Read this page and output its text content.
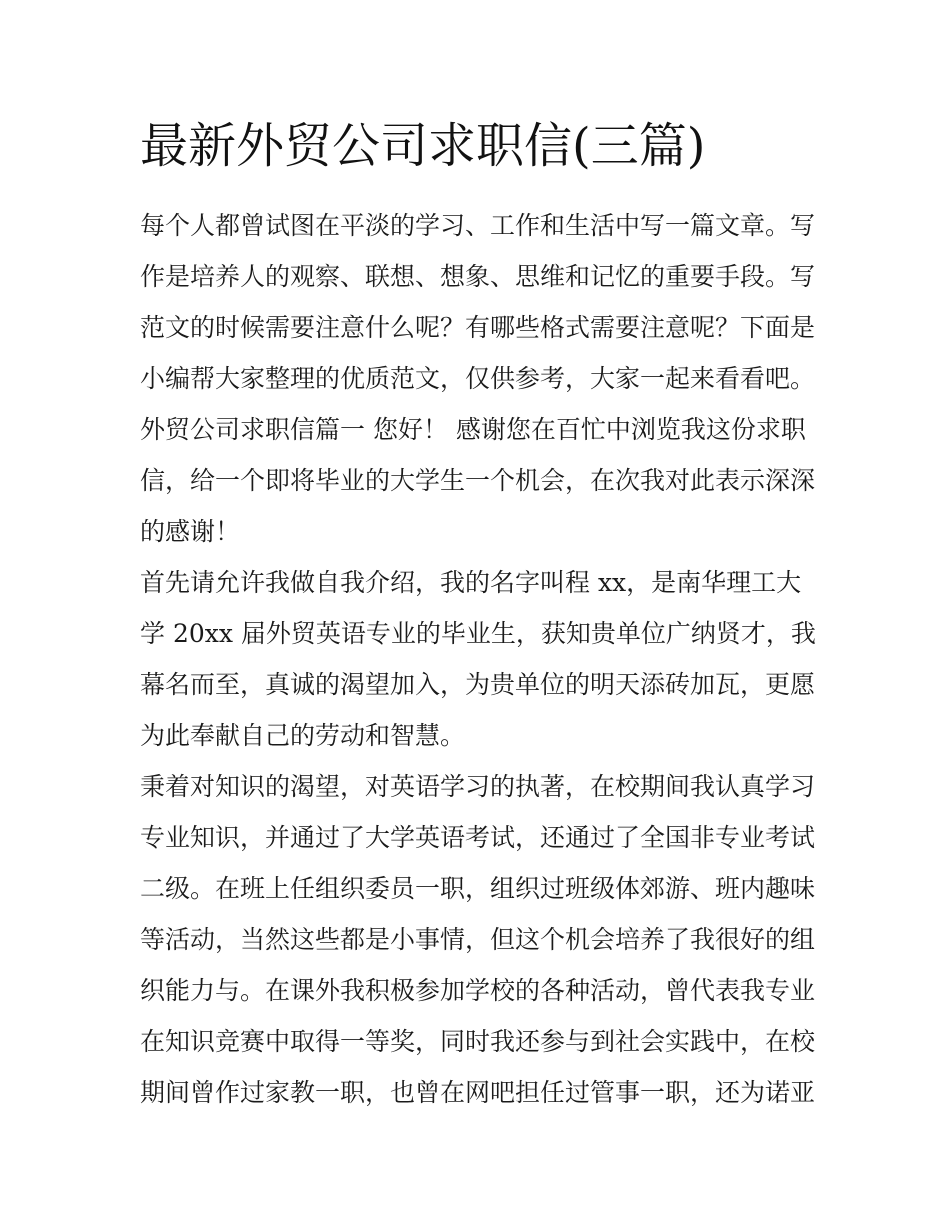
最新外贸公司求职信(三篇)
每个人都曾试图在平淡的学习、工作和生活中写一篇文章。写
作是培养人的观察、联想、想象、思维和记忆的重要手段。写
范文的时候需要注意什么呢？有哪些格式需要注意呢？下面是
小编帮大家整理的优质范文，仅供参考，大家一起来看看吧。
外贸公司求职信篇一 您好！ 感谢您在百忙中浏览我这份求职
信，给一个即将毕业的大学生一个机会，在次我对此表示深深
的感谢！
首先请允许我做自我介绍，我的名字叫程 xx，是南华理工大
学 20xx 届外贸英语专业的毕业生，获知贵单位广纳贤才，我
幕名而至，真诚的渴望加入，为贵单位的明天添砖加瓦，更愿
为此奉献自己的劳动和智慧。
秉着对知识的渴望，对英语学习的执著，在校期间我认真学习
专业知识，并通过了大学英语考试，还通过了全国非专业考试
二级。在班上任组织委员一职，组织过班级体郊游、班内趣味
等活动，当然这些都是小事情，但这个机会培养了我很好的组
织能力与。在课外我积极参加学校的各种活动，曾代表我专业
在知识竞赛中取得一等奖，同时我还参与到社会实践中，在校
期间曾作过家教一职，也曾在网吧担任过管事一职，还为诺亚
